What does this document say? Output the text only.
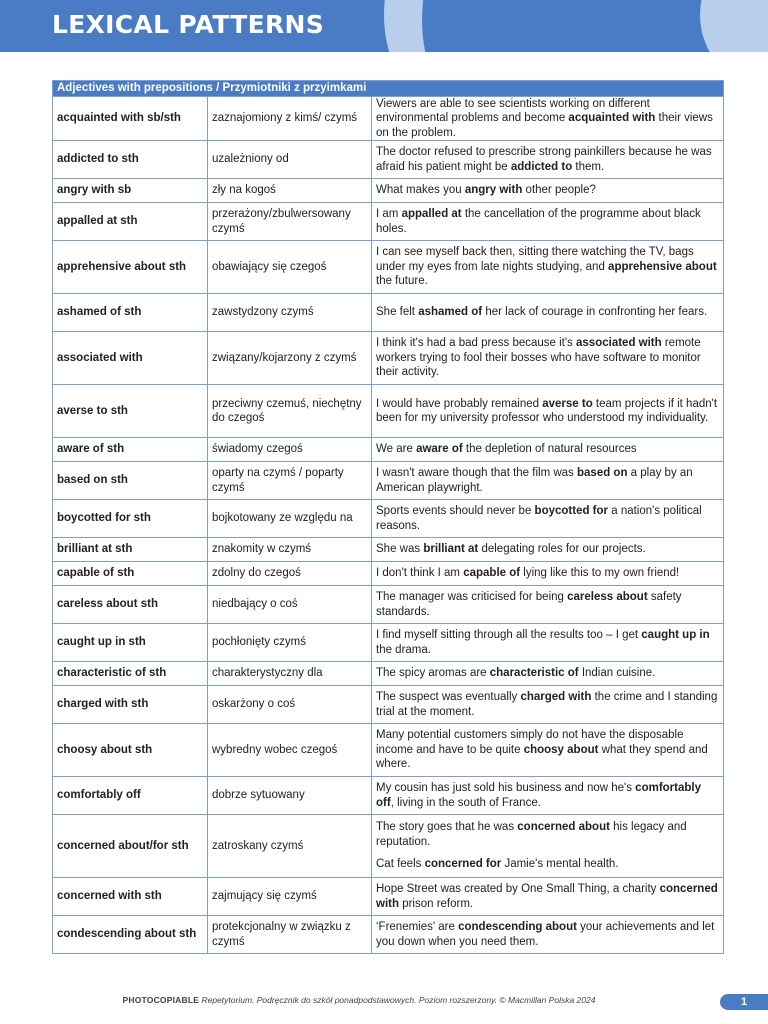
LEXICAL PATTERNS
Adjectives with prepositions / Przymiotniki z przyimkami		
acquainted with sb/sth	zaznajomiony z kimś/ czymś	Viewers are able to see scientists working on different environmental problems and become acquainted with their views on the problem.

addicted to sth	uzależniony od	The doctor refused to prescribe strong painkillers because he was afraid his patient might be addicted to them.

angry with sb	zły na kogoś	What makes you angry with other people?

appalled at sth	przerażony/zbulwersowany czymś	I am appalled at the cancellation of the programme about black holes.

apprehensive about sth	obawiający się czegoś	I can see myself back then, sitting there watching the TV, bags under my eyes from late nights studying, and apprehensive about the future.

ashamed of sth	zawstydzony czymś	She felt ashamed of her lack of courage in confronting her fears.

associated with	związany/kojarzony z czymś	I think it's had a bad press because it's associated with remote workers trying to fool their bosses who have software to monitor their activity.

averse to sth	przeciwny czemuś, niechętny do czegoś	I would have probably remained averse to team projects if it hadn't been for my university professor who understood my individuality.

aware of sth	świadomy czegoś	We are aware of the depletion of natural resources

based on sth	oparty na czymś / poparty czymś	I wasn't aware though that the film was based on a play by an American playwright.

boycotted for sth	bojkotowany ze względu na	Sports events should never be boycotted for a nation's political reasons.

brilliant at sth	znakomity w czymś	She was brilliant at delegating roles for our projects.

capable of sth	zdolny do czegoś	I don't think I am capable of lying like this to my own friend!

careless about sth	niedbający o coś	The manager was criticised for being careless about safety standards.

caught up in sth	pochłonięty czymś	I find myself sitting through all the results too – I get caught up in the drama.

characteristic of sth	charakterystyczny dla	The spicy aromas are characteristic of Indian cuisine.

charged with sth	oskarżony o coś	The suspect was eventually charged with the crime and I standing trial at the moment.

choosy about sth	wybredny wobec czegoś	Many potential customers simply do not have the disposable income and have to be quite choosy about what they spend and where.

comfortably off	dobrze sytuowany	My cousin has just sold his business and now he's comfortably off, living in the south of France.

concerned about/for sth	zatroskany czymś	The story goes that he was concerned about his legacy and reputation.

Cat feels concerned for Jamie's mental health.

concerned with sth	zajmujący się czymś	Hope Street was created by One Small Thing, a charity concerned with prison reform.

condescending about sth	protekcjonalny w związku z czymś	‘Frenemies' are condescending about your achievements and let you down when you need them.

PHOTOCOPIABLE Repetytorium. Podręcznik do szkół ponadpodstawowych. Poziom rozszerzony. © Macmillan Polska 2024	1
